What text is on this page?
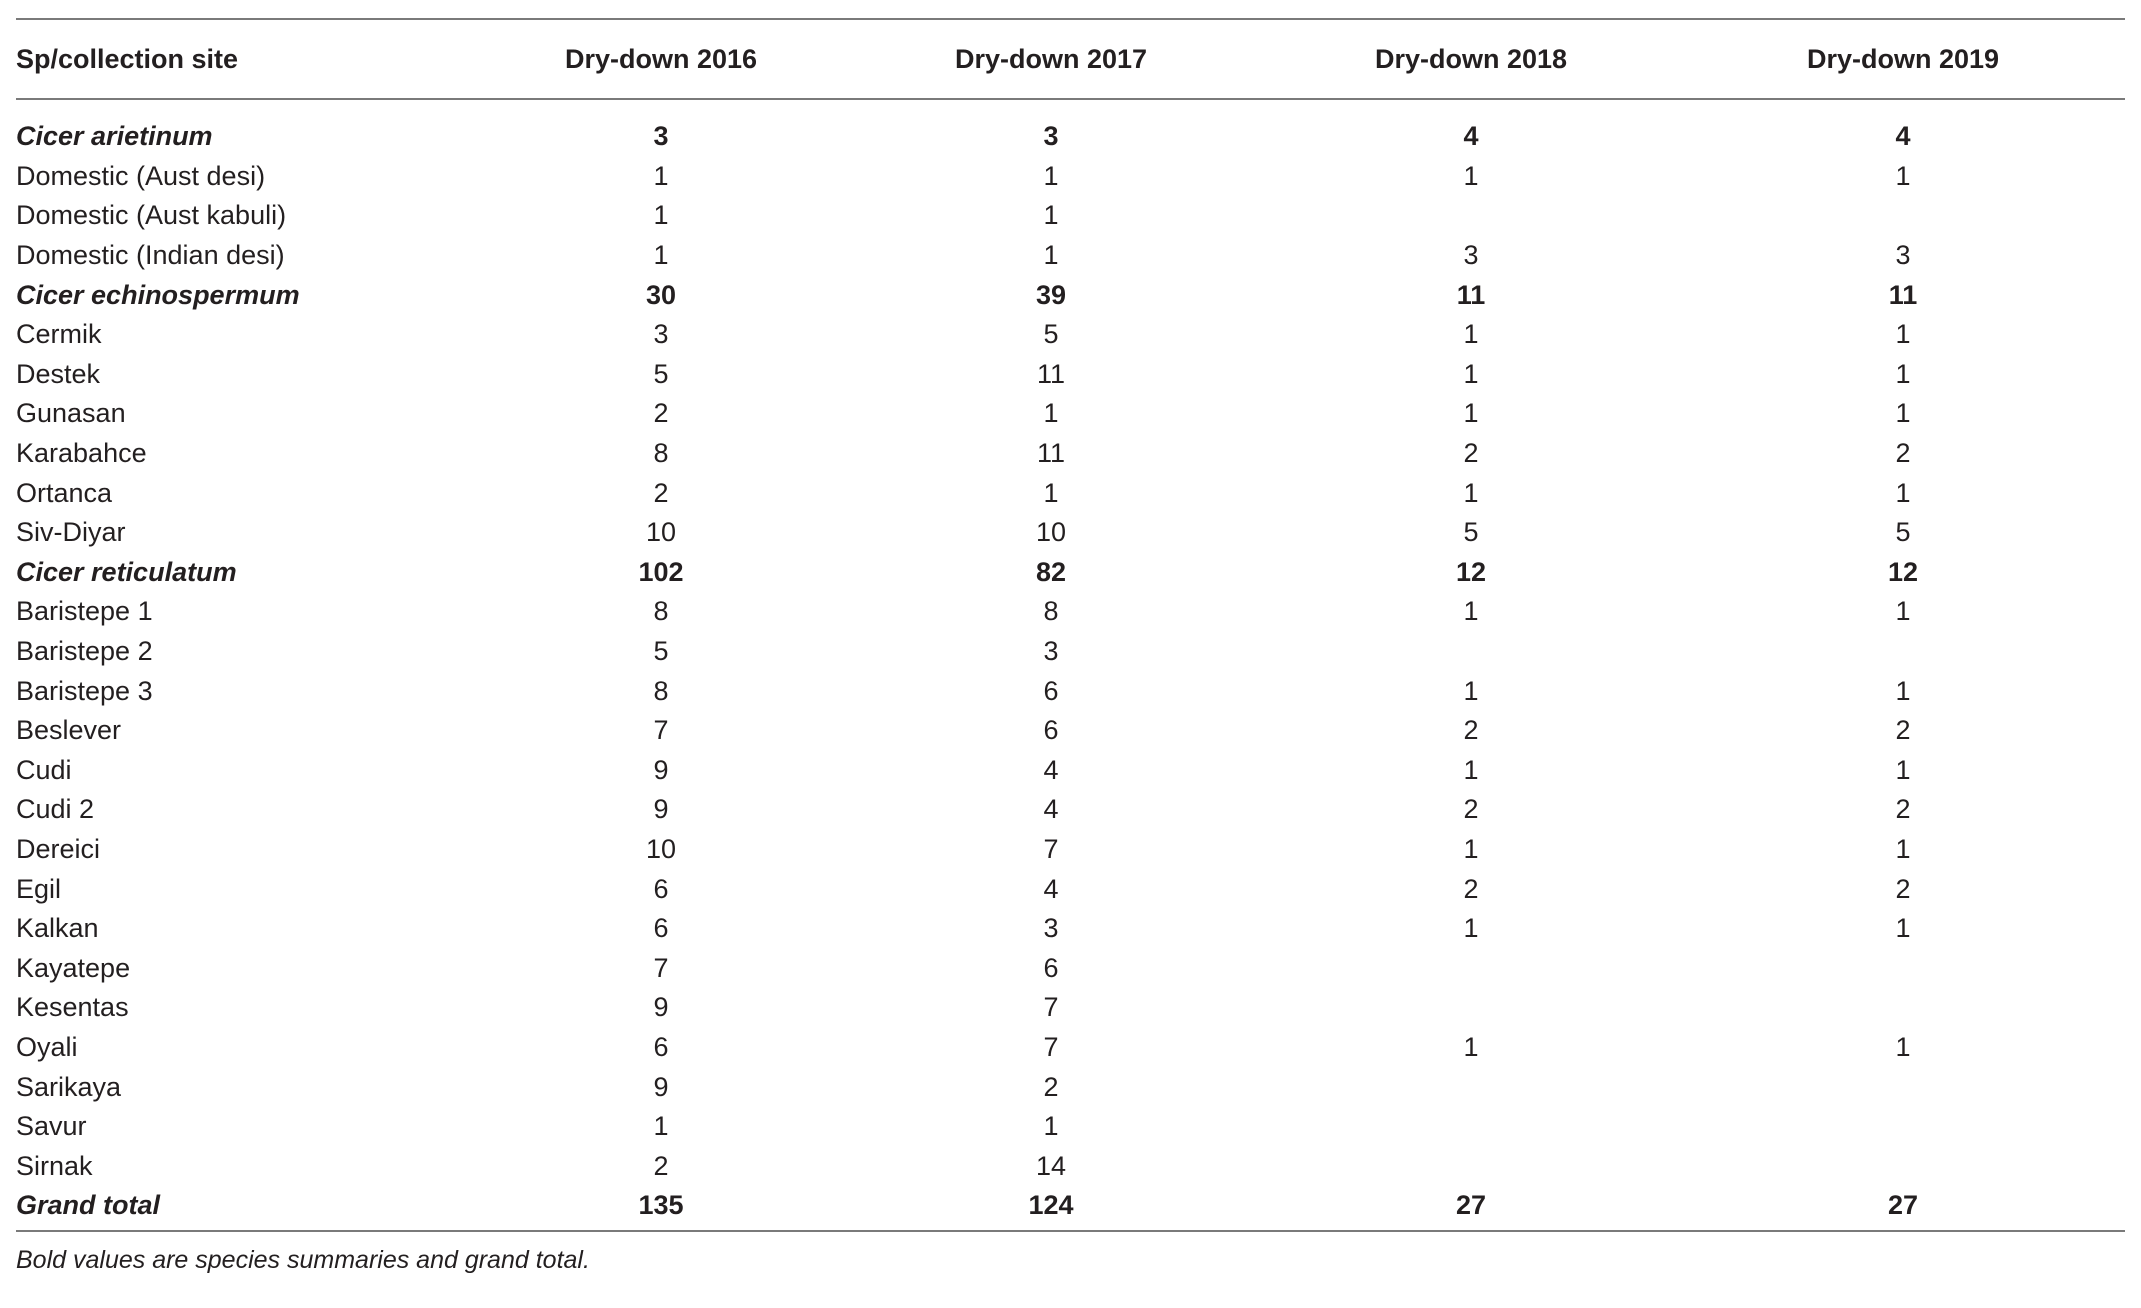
Sp/collection site	Dry-down 2016	Dry-down 2017	Dry-down 2018	Dry-down 2019

Cicer arietinum	3	3	4	4
Domestic (Aust desi)	1	1	1	1
Domestic (Aust kabuli)	1	1		
Domestic (Indian desi)	1	1	3	3
Cicer echinospermum	30	39	11	11
Cermik	3	5	1	1
Destek	5	11	1	1
Gunasan	2	1	1	1
Karabahce	8	11	2	2
Ortanca	2	1	1	1
Siv-Diyar	10	10	5	5
Cicer reticulatum	102	82	12	12
Baristepe 1	8	8	1	1
Baristepe 2	5	3		
Baristepe 3	8	6	1	1
Beslever	7	6	2	2
Cudi	9	4	1	1
Cudi 2	9	4	2	2
Dereici	10	7	1	1
Egil	6	4	2	2
Kalkan	6	3	1	1
Kayatepe	7	6		
Kesentas	9	7		
Oyali	6	7	1	1
Sarikaya	9	2		
Savur	1	1		
Sirnak	2	14		
Grand total	135	124	27	27
Bold values are species summaries and grand total.
